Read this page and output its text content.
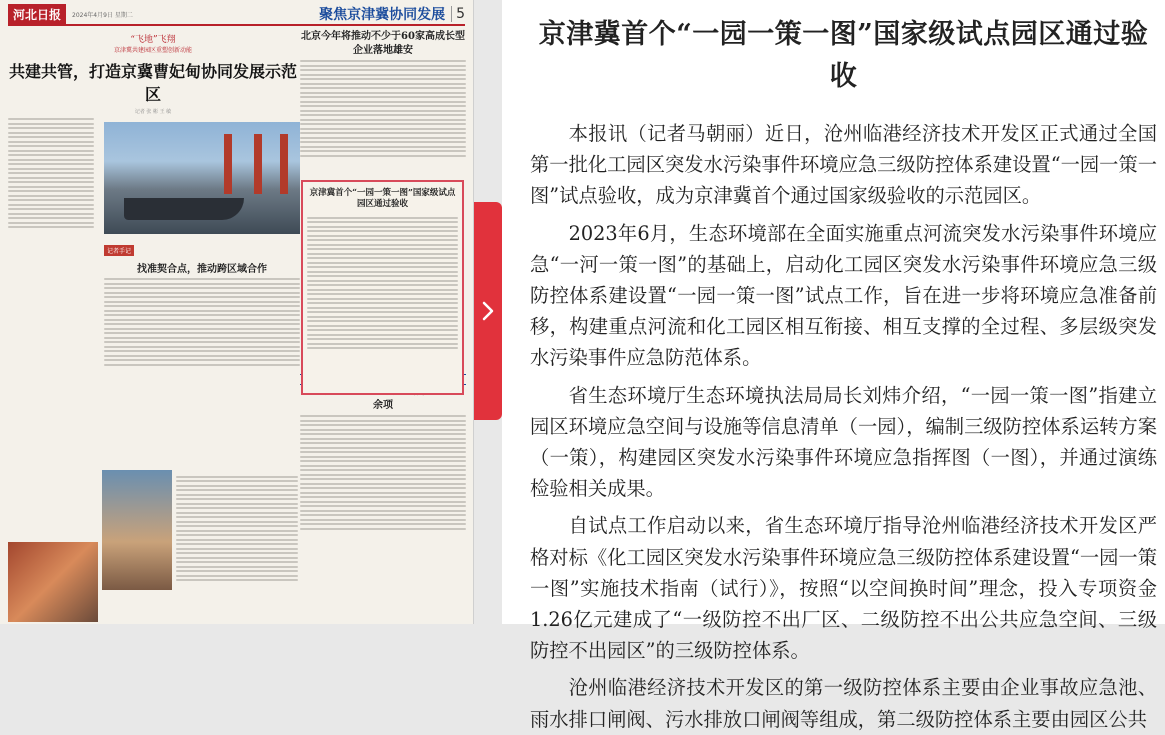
河北日报	2024年4月9日 星期二	聚焦京津冀协同发展 5
“飞地”飞翔
京津冀共建园区重塑创新动能
共建共管，打造京冀曹妃甸协同发展示范区
记者 张 彬 王 敏
记者手记
找准契合点，推动跨区域合作
北京今年将推动不少于60家高成长型企业落地雄安
余项
京津冀首个“一园一策一图”国家级试点园区通过验收
京津冀首个“一园一策一图”国家级试点园区通过验收

本报讯（记者马朝丽）近日，沧州临港经济技术开发区正式通过全国第一批化工园区突发水污染事件环境应急三级防控体系建设置“一园一策一图”试点验收，成为京津冀首个通过国家级验收的示范园区。

2023年6月，生态环境部在全面实施重点河流突发水污染事件环境应急“一河一策一图”的基础上，启动化工园区突发水污染事件环境应急三级防控体系建设置“一园一策一图”试点工作，旨在进一步将环境应急准备前移，构建重点河流和化工园区相互衔接、相互支撑的全过程、多层级突发水污染事件应急防范体系。

省生态环境厅生态环境执法局局长刘炜介绍，“一园一策一图”指建立园区环境应急空间与设施等信息清单（一园），编制三级防控体系运转方案（一策），构建园区突发水污染事件环境应急指挥图（一图），并通过演练检验相关成果。

自试点工作启动以来，省生态环境厅指导沧州临港经济技术开发区严格对标《化工园区突发水污染事件环境应急三级防控体系建设置“一园一策一图”实施技术指南（试行）》，按照“以空间换时间”理念，投入专项资金1.26亿元建成了“一级防控不出厂区、二级防控不出公共应急空间、三级防控不出园区”的三级防控体系。

沧州临港经济技术开发区的第一级防控体系主要由企业事故应急池、雨水排口闸阀、污水排放口闸阀等组成，第二级防控体系主要由园区公共
